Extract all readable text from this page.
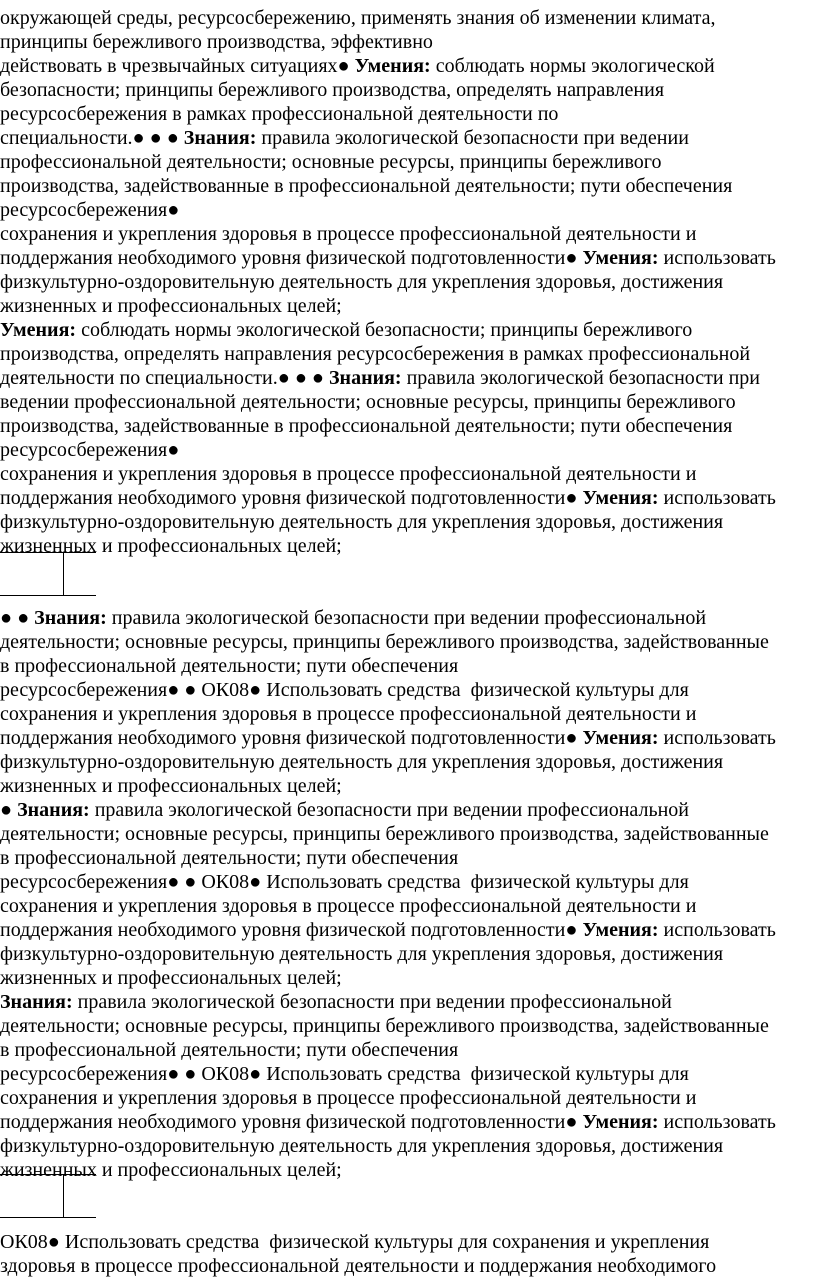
окружающей среды, ресурсосбережению, применять знания об изменении климата,
принципы бережливого производства, эффективно
действовать в чрезвычайных ситуациях● Умения: соблюдать нормы экологической
безопасности; принципы бережливого производства, определять направления
ресурсосбережения в рамках профессиональной деятельности по
специальности.● ● ● Знания: правила экологической безопасности при ведении
профессиональной деятельности; основные ресурсы, принципы бережливого
производства, задействованные в профессиональной деятельности; пути обеспечения
ресурсосбережения●
сохранения и укрепления здоровья в процессе профессиональной деятельности и
поддержания необходимого уровня физической подготовленности● Умения: использовать
физкультурно-оздоровительную деятельность для укрепления здоровья, достижения
жизненных и профессиональных целей;
Умения: соблюдать нормы экологической безопасности; принципы бережливого
производства, определять направления ресурсосбережения в рамках профессиональной
деятельности по специальности.● ● ● Знания: правила экологической безопасности при
ведении профессиональной деятельности; основные ресурсы, принципы бережливого
производства, задействованные в профессиональной деятельности; пути обеспечения
ресурсосбережения●
сохранения и укрепления здоровья в процессе профессиональной деятельности и
поддержания необходимого уровня физической подготовленности● Умения: использовать
физкультурно-оздоровительную деятельность для укрепления здоровья, достижения
жизненных и профессиональных целей;
● ● Знания: правила экологической безопасности при ведении профессиональной
деятельности; основные ресурсы, принципы бережливого производства, задействованные
в профессиональной деятельности; пути обеспечения
ресурсосбережения● ● ОК08● Использовать средства  физической культуры для
сохранения и укрепления здоровья в процессе профессиональной деятельности и
поддержания необходимого уровня физической подготовленности● Умения: использовать
физкультурно-оздоровительную деятельность для укрепления здоровья, достижения
жизненных и профессиональных целей;
● Знания: правила экологической безопасности при ведении профессиональной
деятельности; основные ресурсы, принципы бережливого производства, задействованные
в профессиональной деятельности; пути обеспечения
ресурсосбережения● ● ОК08● Использовать средства  физической культуры для
сохранения и укрепления здоровья в процессе профессиональной деятельности и
поддержания необходимого уровня физической подготовленности● Умения: использовать
физкультурно-оздоровительную деятельность для укрепления здоровья, достижения
жизненных и профессиональных целей;
Знания: правила экологической безопасности при ведении профессиональной
деятельности; основные ресурсы, принципы бережливого производства, задействованные
в профессиональной деятельности; пути обеспечения
ресурсосбережения● ● ОК08● Использовать средства  физической культуры для
сохранения и укрепления здоровья в процессе профессиональной деятельности и
поддержания необходимого уровня физической подготовленности● Умения: использовать
физкультурно-оздоровительную деятельность для укрепления здоровья, достижения
жизненных и профессиональных целей;
ОК08● Использовать средства  физической культуры для сохранения и укрепления
здоровья в процессе профессиональной деятельности и поддержания необходимого
